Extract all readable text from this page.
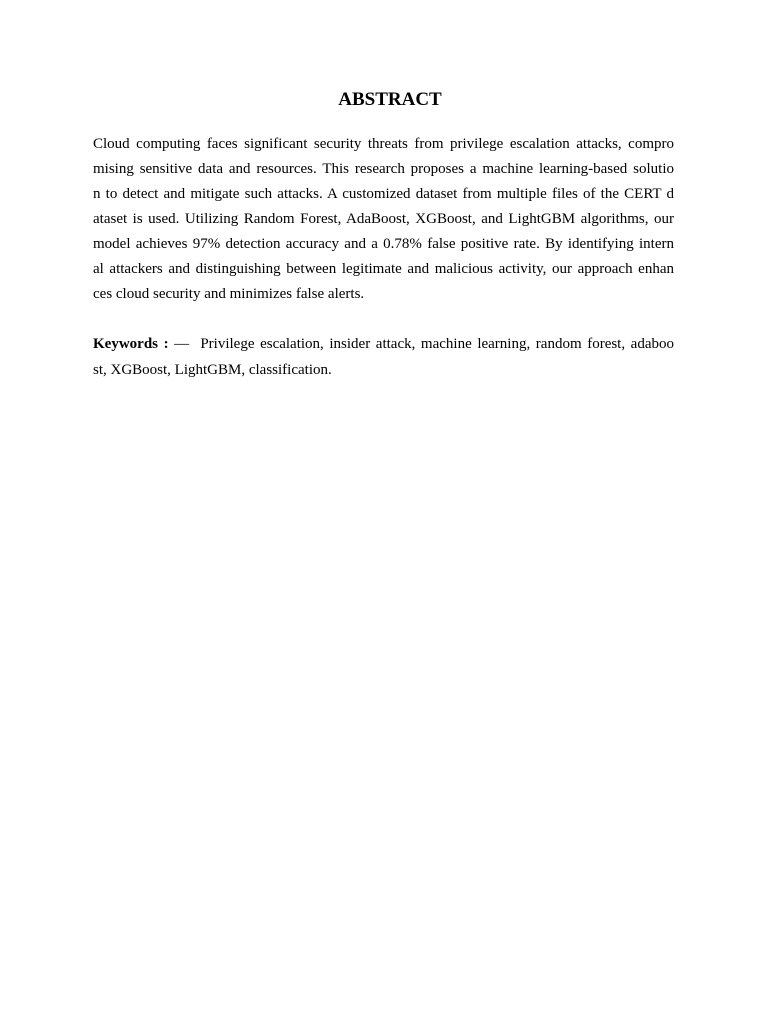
ABSTRACT

Cloud computing faces significant security threats from privilege escalation attacks, compro

mising sensitive data and resources. This research proposes a machine learning-based solutio

n to detect and mitigate such attacks. A customized dataset from multiple files of the CERT d

ataset is used. Utilizing Random Forest, AdaBoost, XGBoost, and LightGBM algorithms, our

model achieves 97% detection accuracy and a 0.78% false positive rate. By identifying intern

al attackers and distinguishing between legitimate and malicious activity, our approach enhan

ces cloud security and minimizes false alerts.

Keywords : — Privilege escalation, insider attack, machine learning, random forest, adaboo

st, XGBoost, LightGBM, classification.
